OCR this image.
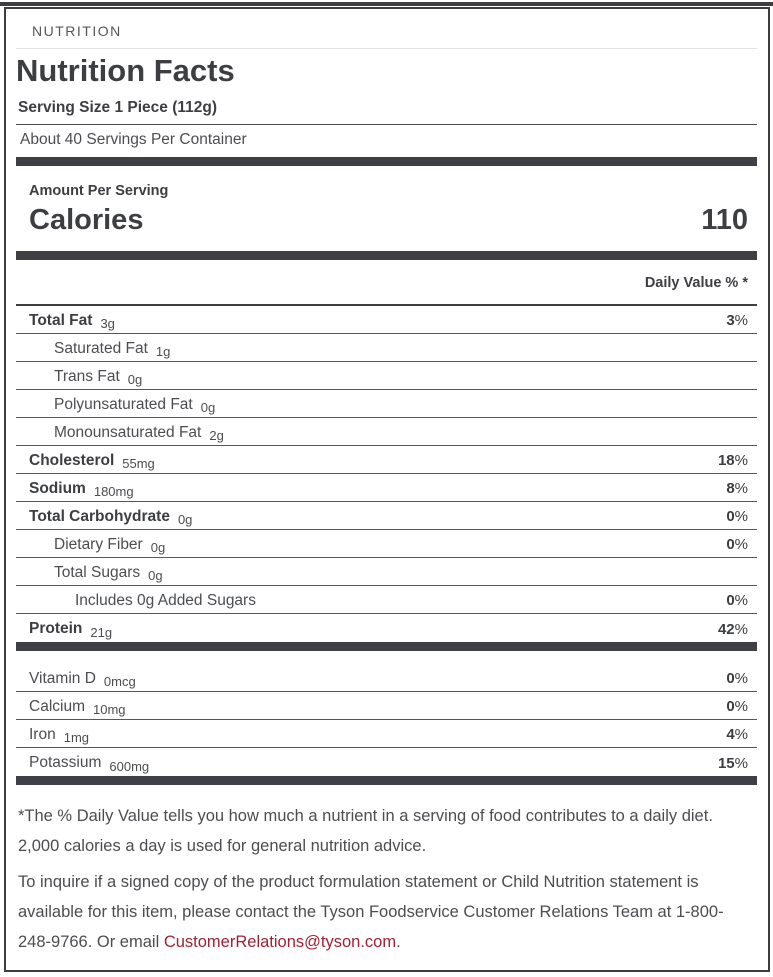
NUTRITION
Nutrition Facts
Serving Size 1 Piece (112g)
About 40 Servings Per Container
Amount Per Serving
Calories	110
Daily Value % *
Total Fat 3g	3%
Saturated Fat 1g
Trans Fat 0g
Polyunsaturated Fat 0g
Monounsaturated Fat 2g
Cholesterol 55mg	18%
Sodium 180mg	8%
Total Carbohydrate 0g	0%
Dietary Fiber 0g	0%
Total Sugars 0g
Includes 0g Added Sugars	0%
Protein 21g	42%
Vitamin D 0mcg	0%
Calcium 10mg	0%
Iron 1mg	4%
Potassium 600mg	15%

*The % Daily Value tells you how much a nutrient in a serving of food contributes to a daily diet. 2,000 calories a day is used for general nutrition advice.

To inquire if a signed copy of the product formulation statement or Child Nutrition statement is available for this item, please contact the Tyson Foodservice Customer Relations Team at 1-800-248-9766. Or email CustomerRelations@tyson.com.
